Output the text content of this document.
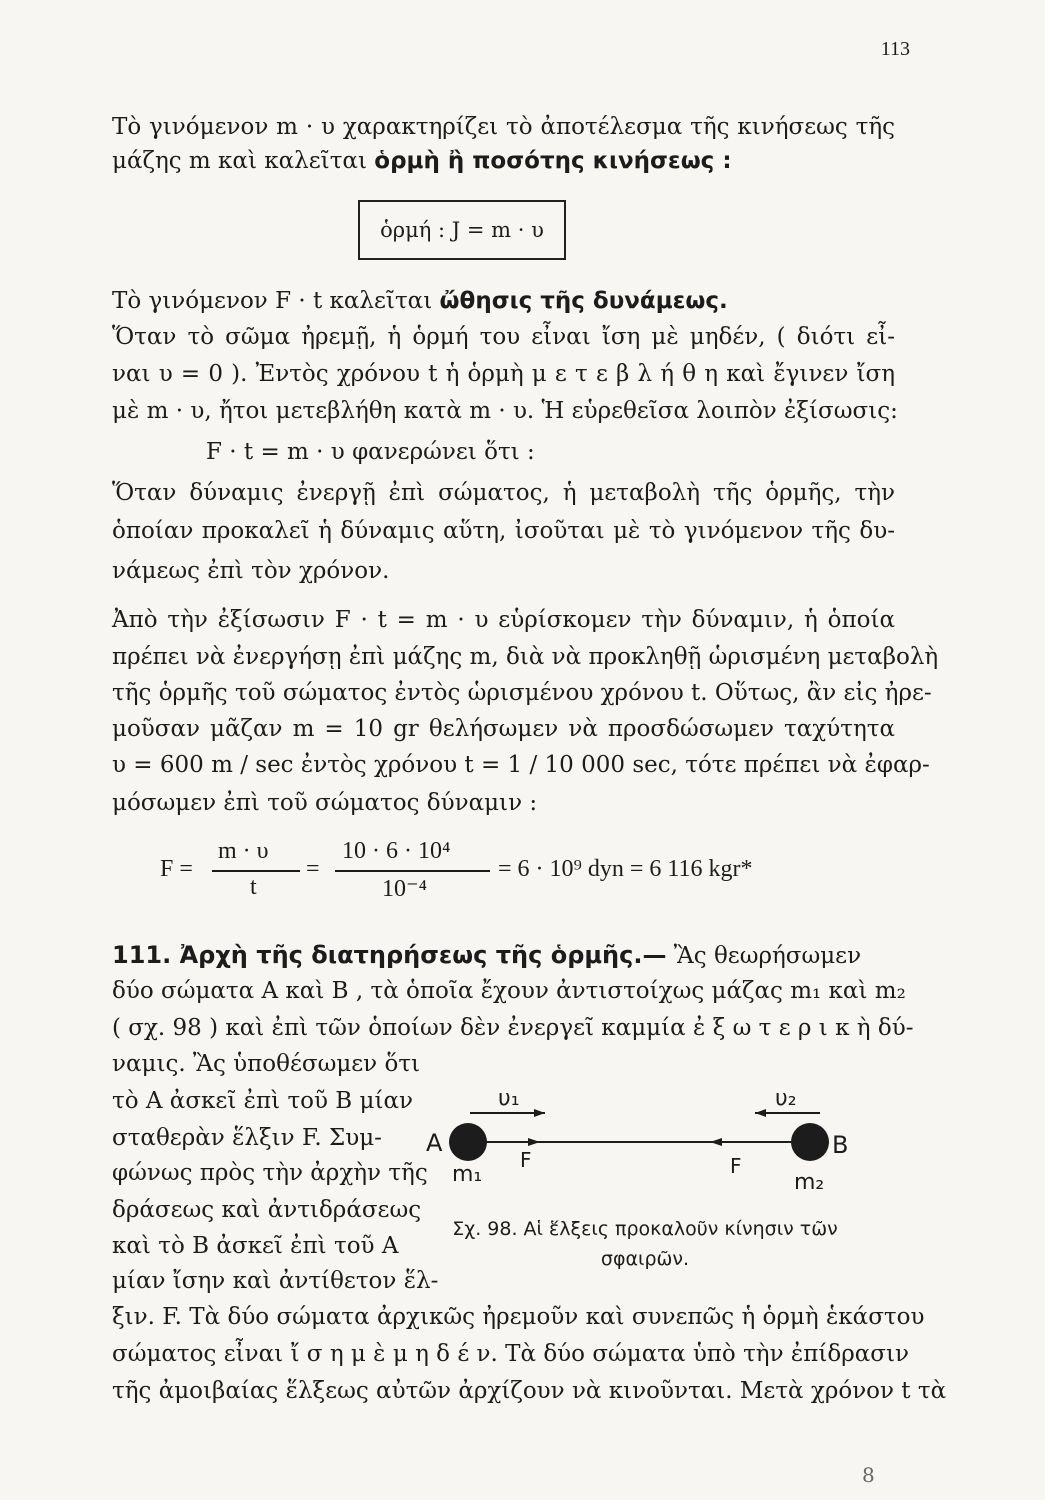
113
Τὸ γινόμενον m · υ χαρακτηρίζει τὸ ἀποτέλεσμα τῆς κινήσεως τῆς
μάζης m καὶ καλεῖται ὁρμὴ ἢ ποσότης κινήσεως :
ὁρμή : J = m · υ
Τὸ γινόμενον F · t καλεῖται ὤθησις τῆς δυνάμεως.
Ὅταν τὸ σῶμα ἠρεμῇ, ἡ ὁρμή του εἶναι ἴση μὲ μηδέν, ( διότι εἶ-
ναι υ = 0 ). Ἐντὸς χρόνου t ἡ ὁρμὴ μ ε τ ε β λ ή θ η καὶ ἔγινεν ἴση
μὲ m · υ, ἤτοι μετεβλήθη κατὰ m · υ. Ἡ εὑρεθεῖσα λοιπὸν ἐξίσωσις:
F · t = m · υ φανερώνει ὅτι :
Ὅταν δύναμις ἐνεργῇ ἐπὶ σώματος, ἡ μεταβολὴ τῆς ὁρμῆς, τὴν
ὁποίαν προκαλεῖ ἡ δύναμις αὕτη, ἰσοῦται μὲ τὸ γινόμενον τῆς δυ-
νάμεως ἐπὶ τὸν χρόνον.
Ἀπὸ τὴν ἐξίσωσιν F · t = m · υ εὑρίσκομεν τὴν δύναμιν, ἡ ὁποία
πρέπει νὰ ἐνεργήσῃ ἐπὶ μάζης m, διὰ νὰ προκληθῇ ὡρισμένη μεταβολὴ
τῆς ὁρμῆς τοῦ σώματος ἐντὸς ὡρισμένου χρόνου t. Οὕτως, ἂν εἰς ἠρε-
μοῦσαν μᾶζαν m = 10 gr θελήσωμεν νὰ προσδώσωμεν ταχύτητα
υ = 600 m / sec ἐντὸς χρόνου t = 1 / 10 000 sec, τότε πρέπει νὰ ἐφαρ-
μόσωμεν ἐπὶ τοῦ σώματος δύναμιν :
F =
m · υ
t
=
10 · 6 · 10⁴
10⁻⁴
= 6 · 10⁹ dyn = 6 116 kgr*
111. Ἀρχὴ τῆς διατηρήσεως τῆς ὁρμῆς.— Ἂς θεωρήσωμεν
δύο σώματα A καὶ B , τὰ ὁποῖα ἔχουν ἀντιστοίχως μάζας m₁ καὶ m₂
( σχ. 98 ) καὶ ἐπὶ τῶν ὁποίων δὲν ἐνεργεῖ καμμία ἐ ξ ω τ ε ρ ι κ ὴ δύ-
ναμις. Ἂς ὑποθέσωμεν ὅτι
τὸ A ἀσκεῖ ἐπὶ τοῦ B μίαν
σταθερὰν ἕλξιν F. Συμ-
φώνως πρὸς τὴν ἀρχὴν τῆς
δράσεως καὶ ἀντιδράσεως
καὶ τὸ B ἀσκεῖ ἐπὶ τοῦ A
μίαν ἴσην καὶ ἀντίθετον ἕλ-
υ₁	υ₂
A	B
m₁	m₂
F	F
Σχ. 98. Αἱ ἕλξεις προκαλοῦν κίνησιν τῶν
σφαιρῶν.
ξιν. F. Τὰ δύο σώματα ἀρχικῶς ἠρεμοῦν καὶ συνεπῶς ἡ ὁρμὴ ἑκάστου
σώματος εἶναι ἴ σ η μ ὲ μ η δ έ ν. Τὰ δύο σώματα ὑπὸ τὴν ἐπίδρασιν
τῆς ἀμοιβαίας ἕλξεως αὐτῶν ἀρχίζουν νὰ κινοῦνται. Μετὰ χρόνον t τὰ
8
